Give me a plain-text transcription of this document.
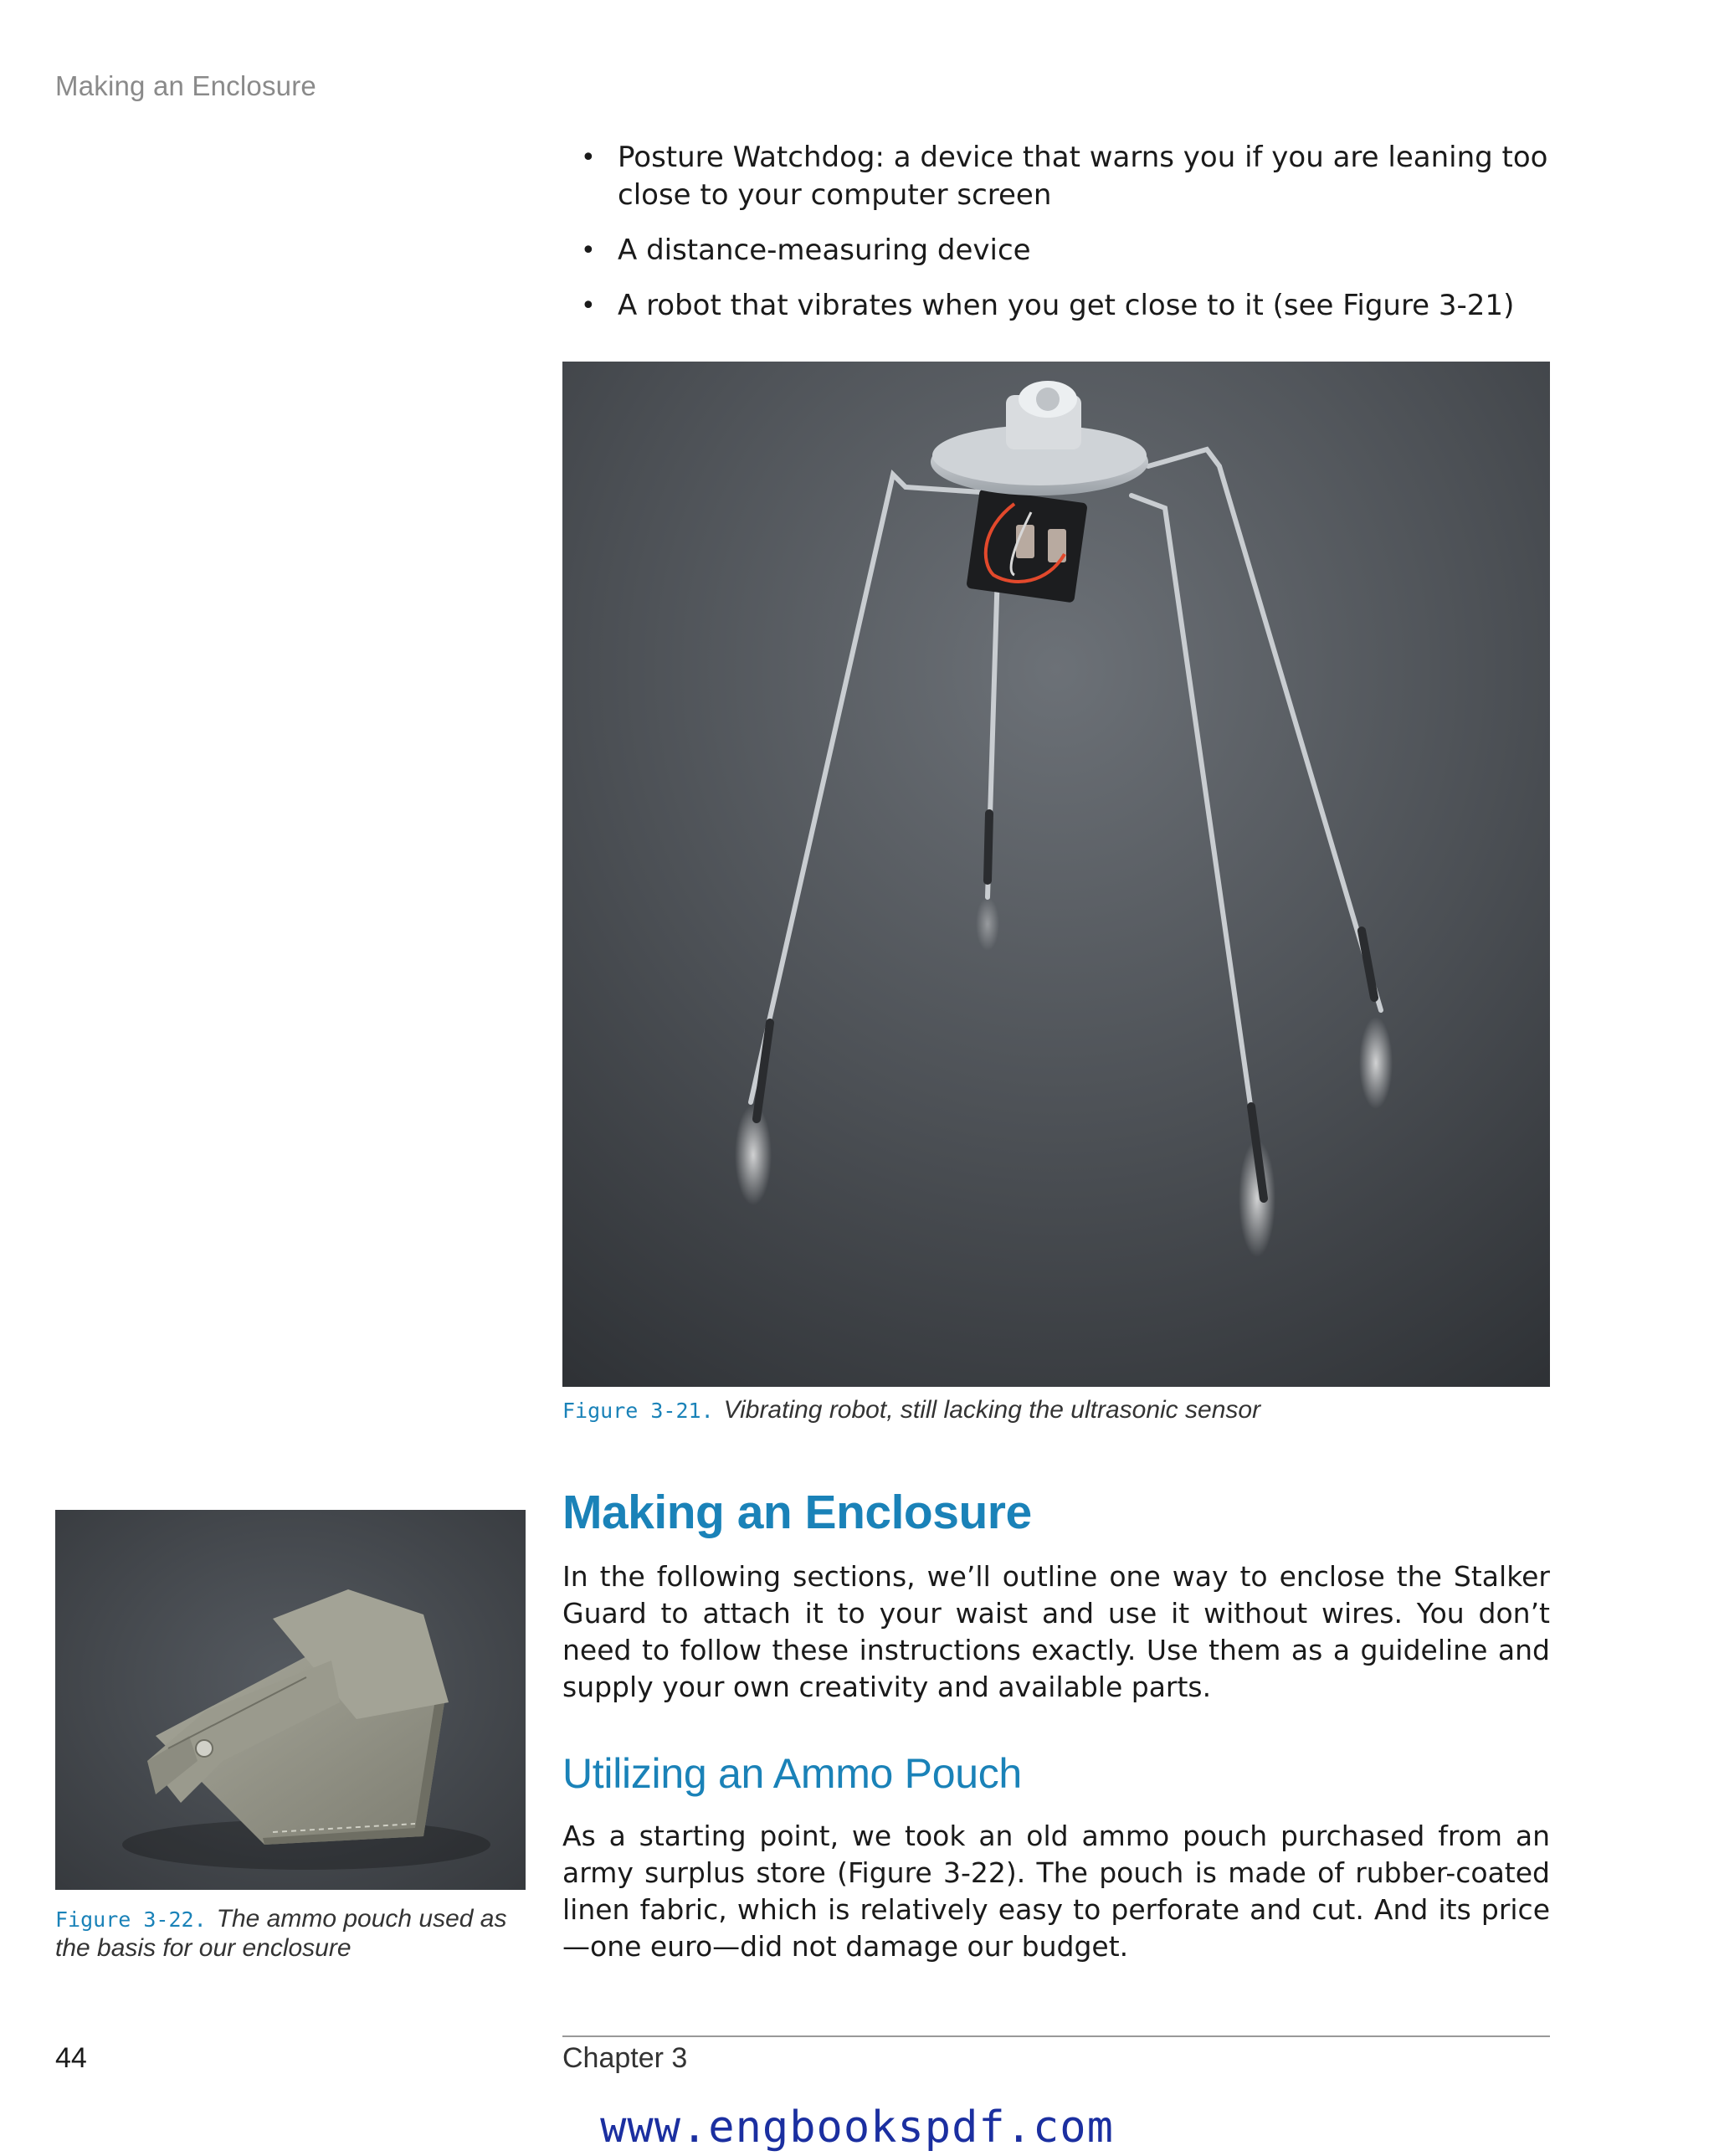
Making an Enclosure
• Posture Watchdog: a device that warns you if you are leaning too close to your computer screen
• A distance-measuring device
• A robot that vibrates when you get close to it (see Figure 3-21)
Figure 3-21. Vibrating robot, still lacking the ultrasonic sensor
Figure 3-22. The ammo pouch used as the basis for our enclosure
Making an Enclosure

In the following sections, we’ll outline one way to enclose the Stalker Guard to attach it to your waist and use it without wires. You don’t need to follow these instructions exactly. Use them as a guideline and supply your own creativity and available parts.

Utilizing an Ammo Pouch

As a starting point, we took an old ammo pouch purchased from an army surplus store (Figure 3-22). The pouch is made of rubber-coated linen fabric, which is relatively easy to perforate and cut. And its price—one euro—did not damage our budget.

44	Chapter 3
www.engbookspdf.com
